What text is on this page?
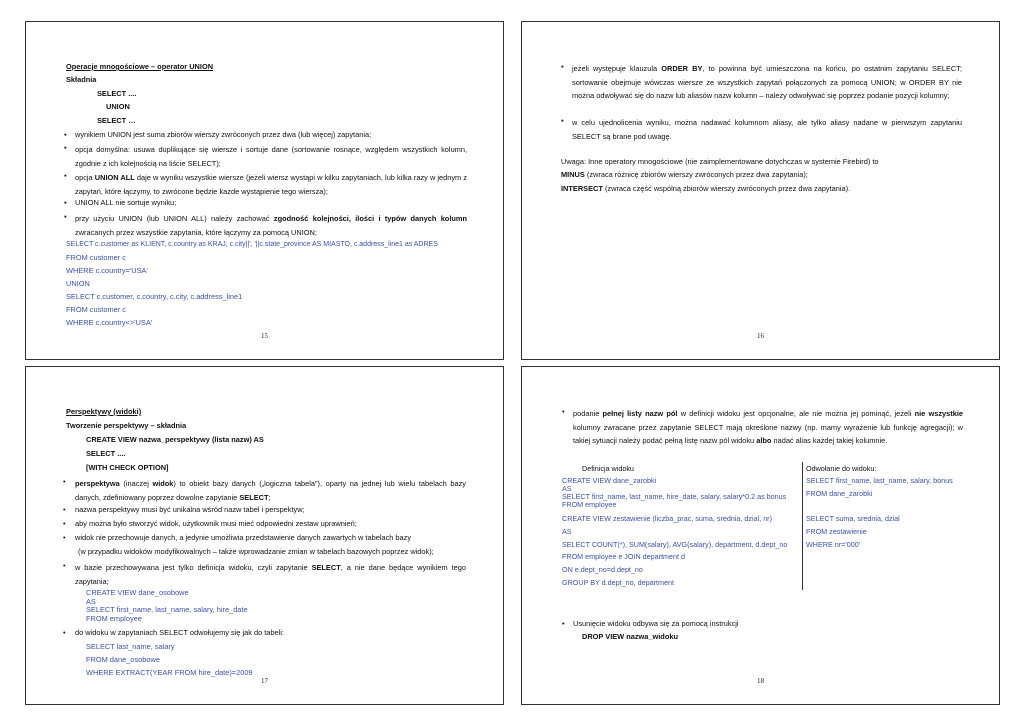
Operacje mnogościowe – operator UNION
Składnia
SELECT ....
UNION
SELECT …
▪ wynikiem UNION jest suma zbiorów wierszy zwróconych przez dwa (lub więcej) zapytania;
▪ opcja domyślna: usuwa duplikujące się wiersze i sortuje dane (sortowanie rosnące, względem wszystkich kolumn, zgodnie z ich kolejnością na liście SELECT);
▪ opcja UNION ALL daje w wyniku wszystkie wiersze (jeżeli wiersz wystąpi w kilku zapytaniach, lub kilka razy w jednym z zapytań, które łączymy, to zwrócone będzie każde wystąpienie tego wiersza);
▪ UNION ALL nie sortuje wyniku;
▪ przy użyciu UNION (lub UNION ALL) należy zachować zgodność kolejności, ilości i typów danych kolumn zwracanych przez wszystkie zapytania, które łączymy za pomocą UNION;
SELECT c.customer as KLIENT, c.country as KRAJ, c.city||', '||c.state_province AS MIASTO, c.address_line1 as ADRES
FROM customer c
WHERE c.country='USA'
UNION
SELECT c.customer, c.country, c.city, c.address_line1
FROM customer c
WHERE c.country<>'USA'
15
▪ jeżeli występuje klauzula ORDER BY, to powinna być umieszczona na końcu, po ostatnim zapytaniu SELECT; sortowanie obejmuje wówczas wiersze ze wszystkich zapytań połączonych za pomocą UNION; w ORDER BY nie można odwoływać się do nazw lub aliasów nazw kolumn – należy odwoływać się poprzez podanie pozycji kolumny;
▪ w celu ujednolicenia wyniku, można nadawać kolumnom aliasy, ale tylko aliasy nadane w pierwszym zapytaniu SELECT są brane pod uwagę.
Uwaga: Inne operatory mnogościowe (nie zaimplementowane dotychczas w systemie Firebird) to
MINUS (zwraca różnicę zbiorów wierszy zwróconych przez dwa zapytania);
INTERSECT (zwraca część wspólną zbiorów wierszy zwróconych przez dwa zapytania).
16
Perspektywy (widoki)
Tworzenie perspektywy – składnia
CREATE VIEW nazwa_perspektywy (lista nazw) AS
SELECT ....
[WITH CHECK OPTION]
• perspektywa (inaczej widok) to obiekt bazy danych („logiczna tabela”), oparty na jednej lub wielu tabelach bazy danych, zdefiniowany poprzez dowolne zapytanie SELECT;
• nazwa perspektywy musi być unikalna wśród nazw tabel i perspektyw;
• aby można było stworzyć widok, użytkownik musi mieć odpowiedni zestaw uprawnień;
• widok nie przechowuje danych, a jedynie umożliwia przedstawienie danych zawartych w tabelach bazy
(w przypadku widoków modyfikowalnych – także wprowadzanie zmian w tabelach bazowych poprzez widok);
• w bazie przechowywana jest tylko definicja widoku, czyli zapytanie SELECT, a nie dane będące wynikiem tego zapytania;
CREATE VIEW dane_osobowe
AS
SELECT first_name, last_name, salary, hire_date
FROM employee
• do widoku w zapytaniach SELECT odwołujemy się jak do tabeli:
SELECT last_name, salary
FROM dane_osobowe
WHERE EXTRACT(YEAR FROM hire_date)=2009
17
• podanie pełnej listy nazw pól w definicji widoku jest opcjonalne, ale nie można jej pominąć, jeżeli nie wszystkie kolumny zwracane przez zapytanie SELECT mają określone nazwy (np. mamy wyrażenie lub funkcję agregacji); w takiej sytuacji należy podać pełną listę nazw pól widoku albo nadać alias każdej takiej kolumnie.
Definicja widoku	Odwołanie do widoku:
CREATE VIEW dane_zarobki
AS
SELECT first_name, last_name, hire_date, salary, salary*0.2 as bonus
FROM employee
CREATE VIEW zestawienie (liczba_prac, suma, srednia, dzial, nr)
AS
SELECT COUNT(*), SUM(salary), AVG(salary), department, d.dept_no
FROM employee e JOIN department d
ON e.dept_no=d.dept_no
GROUP BY d.dept_no, department
SELECT first_name, last_name, salary, bonus
FROM dane_zarobki
SELECT suma, srednia, dzial
FROM zestawienie
WHERE nr='000'
• Usunięcie widoku odbywa się za pomocą instrukcji
DROP VIEW nazwa_widoku
18
